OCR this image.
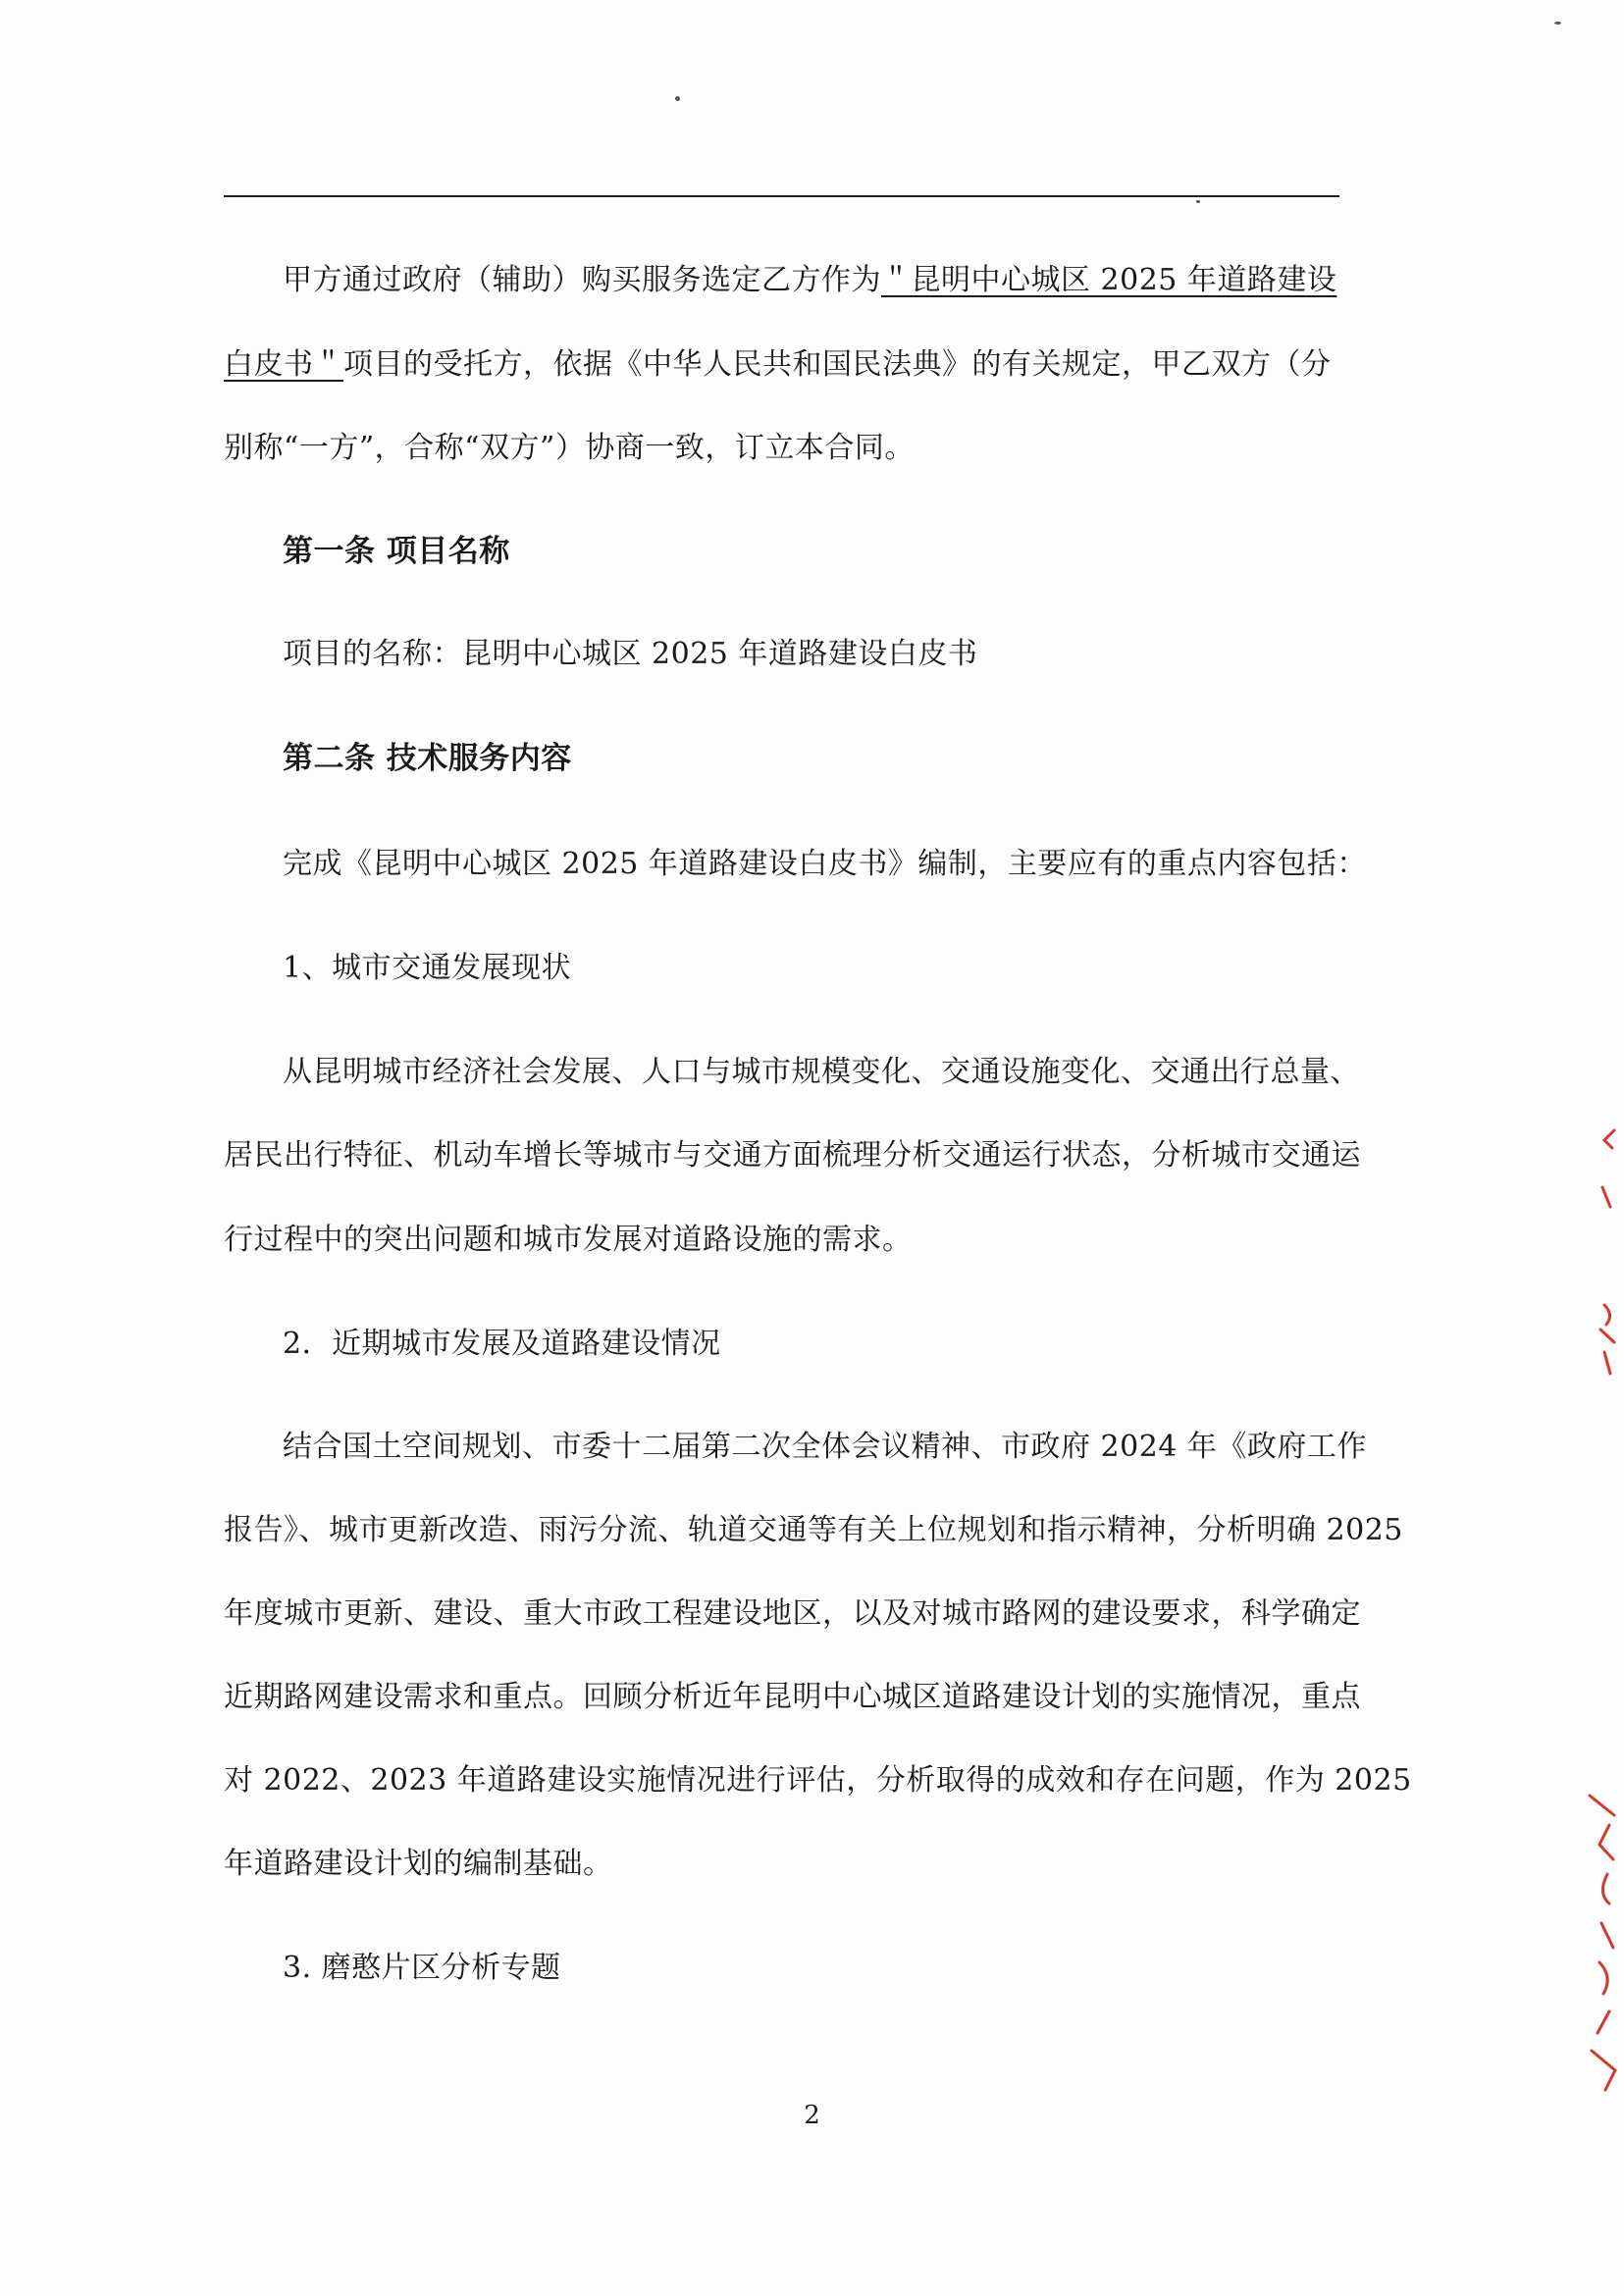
甲方通过政府（辅助）购买服务选定乙方作为＂昆明中心城区 2025 年道路建设
白皮书＂项目的受托方，依据《中华人民共和国民法典》的有关规定，甲乙双方（分
别称“一方”，合称“双方”）协商一致，订立本合同。
第一条 项目名称
项目的名称：昆明中心城区 2025 年道路建设白皮书
第二条 技术服务内容
完成《昆明中心城区 2025 年道路建设白皮书》编制，主要应有的重点内容包括：
1、城市交通发展现状
从昆明城市经济社会发展、人口与城市规模变化、交通设施变化、交通出行总量、
居民出行特征、机动车增长等城市与交通方面梳理分析交通运行状态，分析城市交通运
行过程中的突出问题和城市发展对道路设施的需求。
2．近期城市发展及道路建设情况
结合国土空间规划、市委十二届第二次全体会议精神、市政府 2024 年《政府工作
报告》、城市更新改造、雨污分流、轨道交通等有关上位规划和指示精神，分析明确 2025
年度城市更新、建设、重大市政工程建设地区，以及对城市路网的建设要求，科学确定
近期路网建设需求和重点。回顾分析近年昆明中心城区道路建设计划的实施情况，重点
对 2022、2023 年道路建设实施情况进行评估，分析取得的成效和存在问题，作为 2025
年道路建设计划的编制基础。
3. 磨憨片区分析专题
2
